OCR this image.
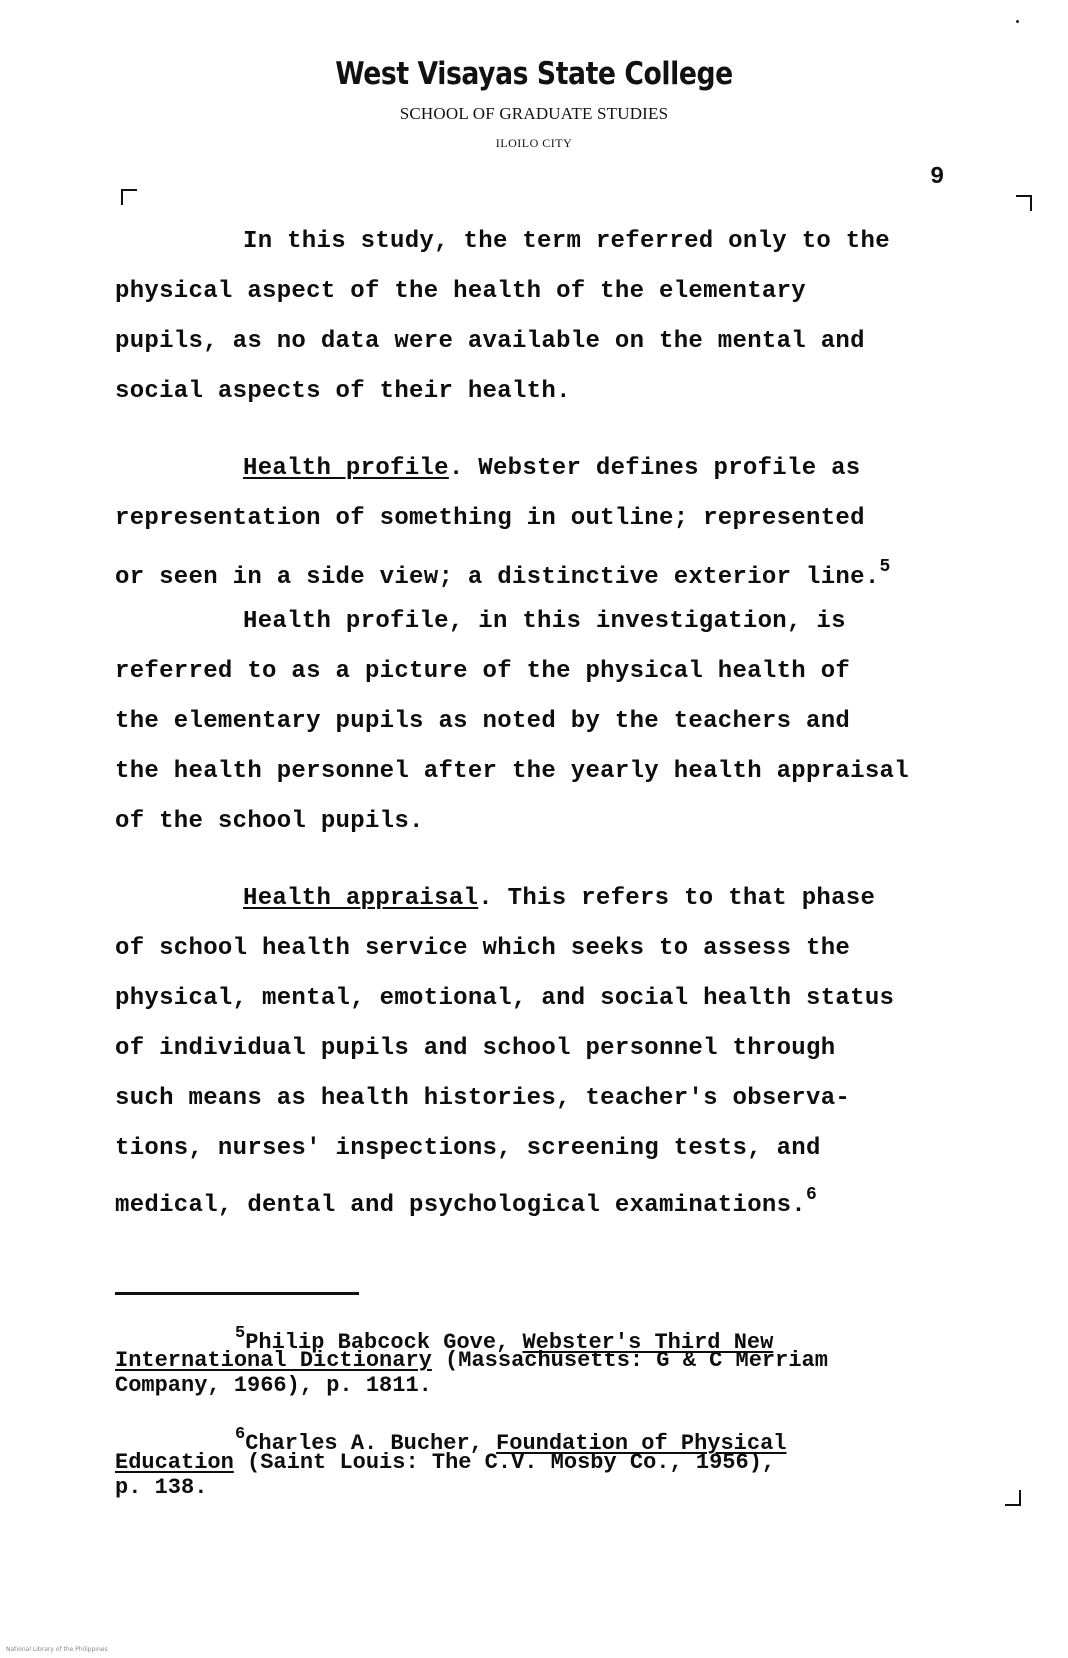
West Visayas State College
SCHOOL OF GRADUATE STUDIES
ILOILO CITY
9
In this study, the term referred only to the
physical aspect of the health of the elementary
pupils, as no data were available on the mental and
social aspects of their health.
Health profile. Webster defines profile as
representation of something in outline; represented
or seen in a side view; a distinctive exterior line.$^5$
Health profile, in this investigation, is
referred to as a picture of the physical health of
the elementary pupils as noted by the teachers and
the health personnel after the yearly health appraisal
of the school pupils.
Health appraisal. This refers to that phase
of school health service which seeks to assess the
physical, mental, emotional, and social health status
of individual pupils and school personnel through
such means as health histories, teacher's observa-
tions, nurses' inspections, screening tests, and
medical, dental and psychological examinations.$^6$
$^5$Philip Babcock Gove, Webster's Third New
International Dictionary (Massachusetts: G & C Merriam
Company, 1966), p. 1811.
$^6$Charles A. Bucher, Foundation of Physical
Education (Saint Louis: The C.V. Mosby Co., 1956),
p. 138.
National Library of the Philippines
